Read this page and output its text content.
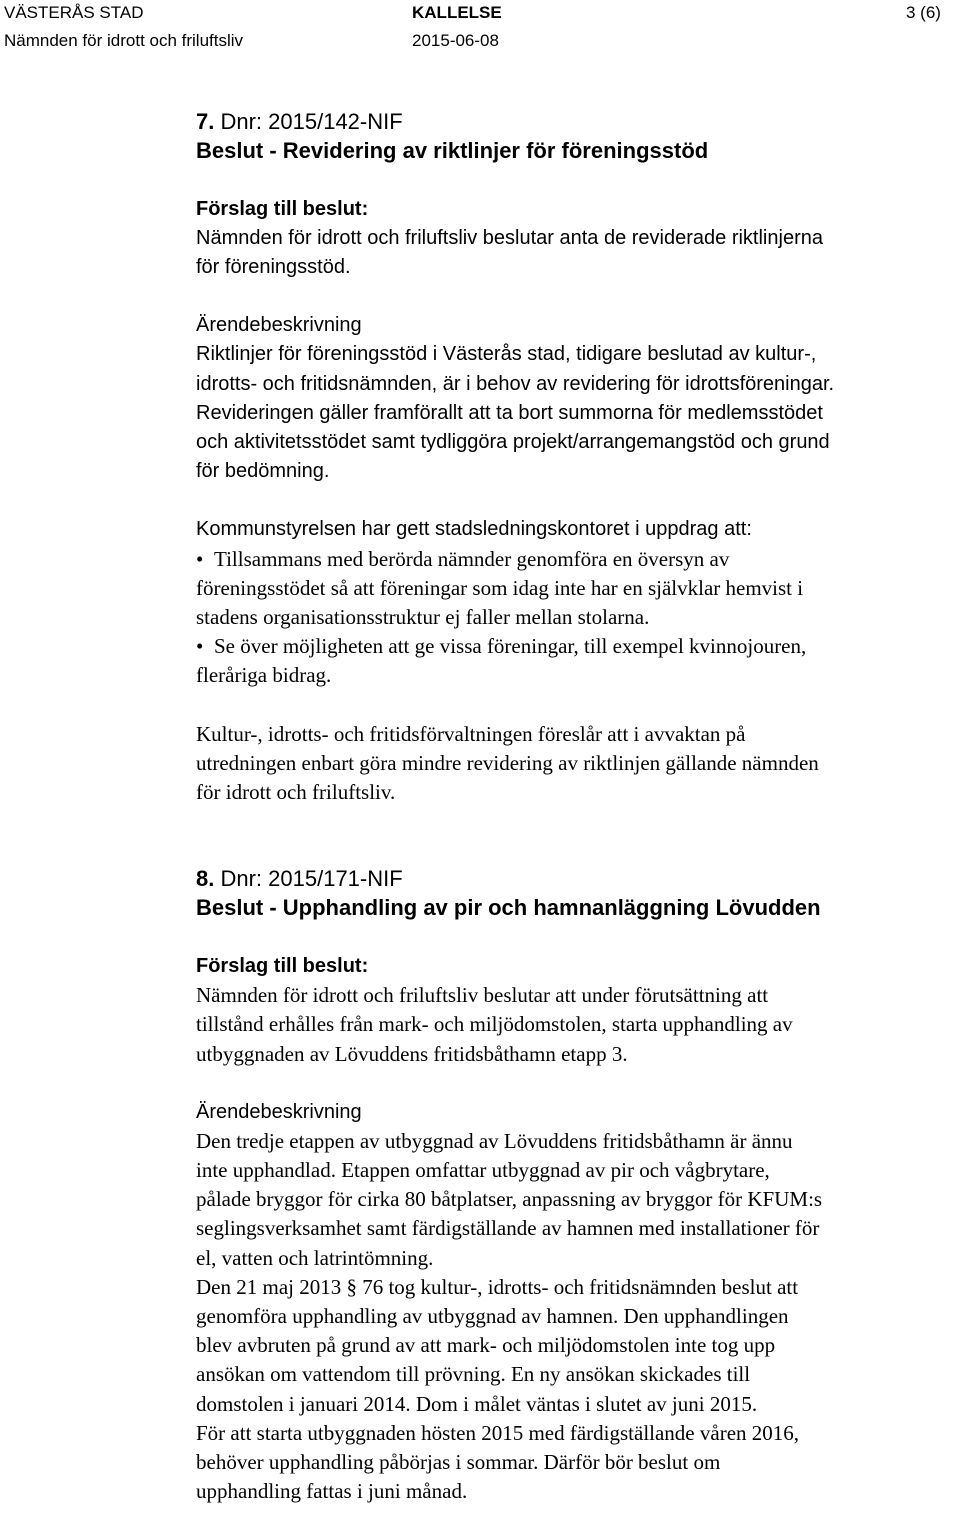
VÄSTERÅS STAD
Nämnden för idrott och friluftsliv
KALLELSE
2015-06-08
3 (6)

7. Dnr: 2015/142-NIF

Beslut - Revidering av riktlinjer för föreningsstöd

Förslag till beslut:

Nämnden för idrott och friluftsliv beslutar anta de reviderade riktlinjerna

för föreningsstöd.

Ärendebeskrivning

Riktlinjer för föreningsstöd i Västerås stad, tidigare beslutad av kultur-,

idrotts- och fritidsnämnden, är i behov av revidering för idrottsföreningar.

Revideringen gäller framförallt att ta bort summorna för medlemsstödet

och aktivitetsstödet samt tydliggöra projekt/arrangemangstöd och grund

för bedömning.

Kommunstyrelsen har gett stadsledningskontoret i uppdrag att:

• Tillsammans med berörda nämnder genomföra en översyn av

föreningsstödet så att föreningar som idag inte har en självklar hemvist i

stadens organisationsstruktur ej faller mellan stolarna.

• Se över möjligheten att ge vissa föreningar, till exempel kvinnojouren,

fleråriga bidrag.

Kultur-, idrotts- och fritidsförvaltningen föreslår att i avvaktan på

utredningen enbart göra mindre revidering av riktlinjen gällande nämnden

för idrott och friluftsliv.

8. Dnr: 2015/171-NIF

Beslut - Upphandling av pir och hamnanläggning Lövudden

Förslag till beslut:

Nämnden för idrott och friluftsliv beslutar att under förutsättning att

tillstånd erhålles från mark- och miljödomstolen, starta upphandling av

utbyggnaden av Lövuddens fritidsbåthamn etapp 3.

Ärendebeskrivning

Den tredje etappen av utbyggnad av Lövuddens fritidsbåthamn är ännu

inte upphandlad. Etappen omfattar utbyggnad av pir och vågbrytare,

pålade bryggor för cirka 80 båtplatser, anpassning av bryggor för KFUM:s

seglingsverksamhet samt färdigställande av hamnen med installationer för

el, vatten och latrintömning.

Den 21 maj 2013 § 76 tog kultur-, idrotts- och fritidsnämnden beslut att

genomföra upphandling av utbyggnad av hamnen. Den upphandlingen

blev avbruten på grund av att mark- och miljödomstolen inte tog upp

ansökan om vattendom till prövning. En ny ansökan skickades till

domstolen i januari 2014. Dom i målet väntas i slutet av juni 2015.

För att starta utbyggnaden hösten 2015 med färdigställande våren 2016,

behöver upphandling påbörjas i sommar. Därför bör beslut om

upphandling fattas i juni månad.
